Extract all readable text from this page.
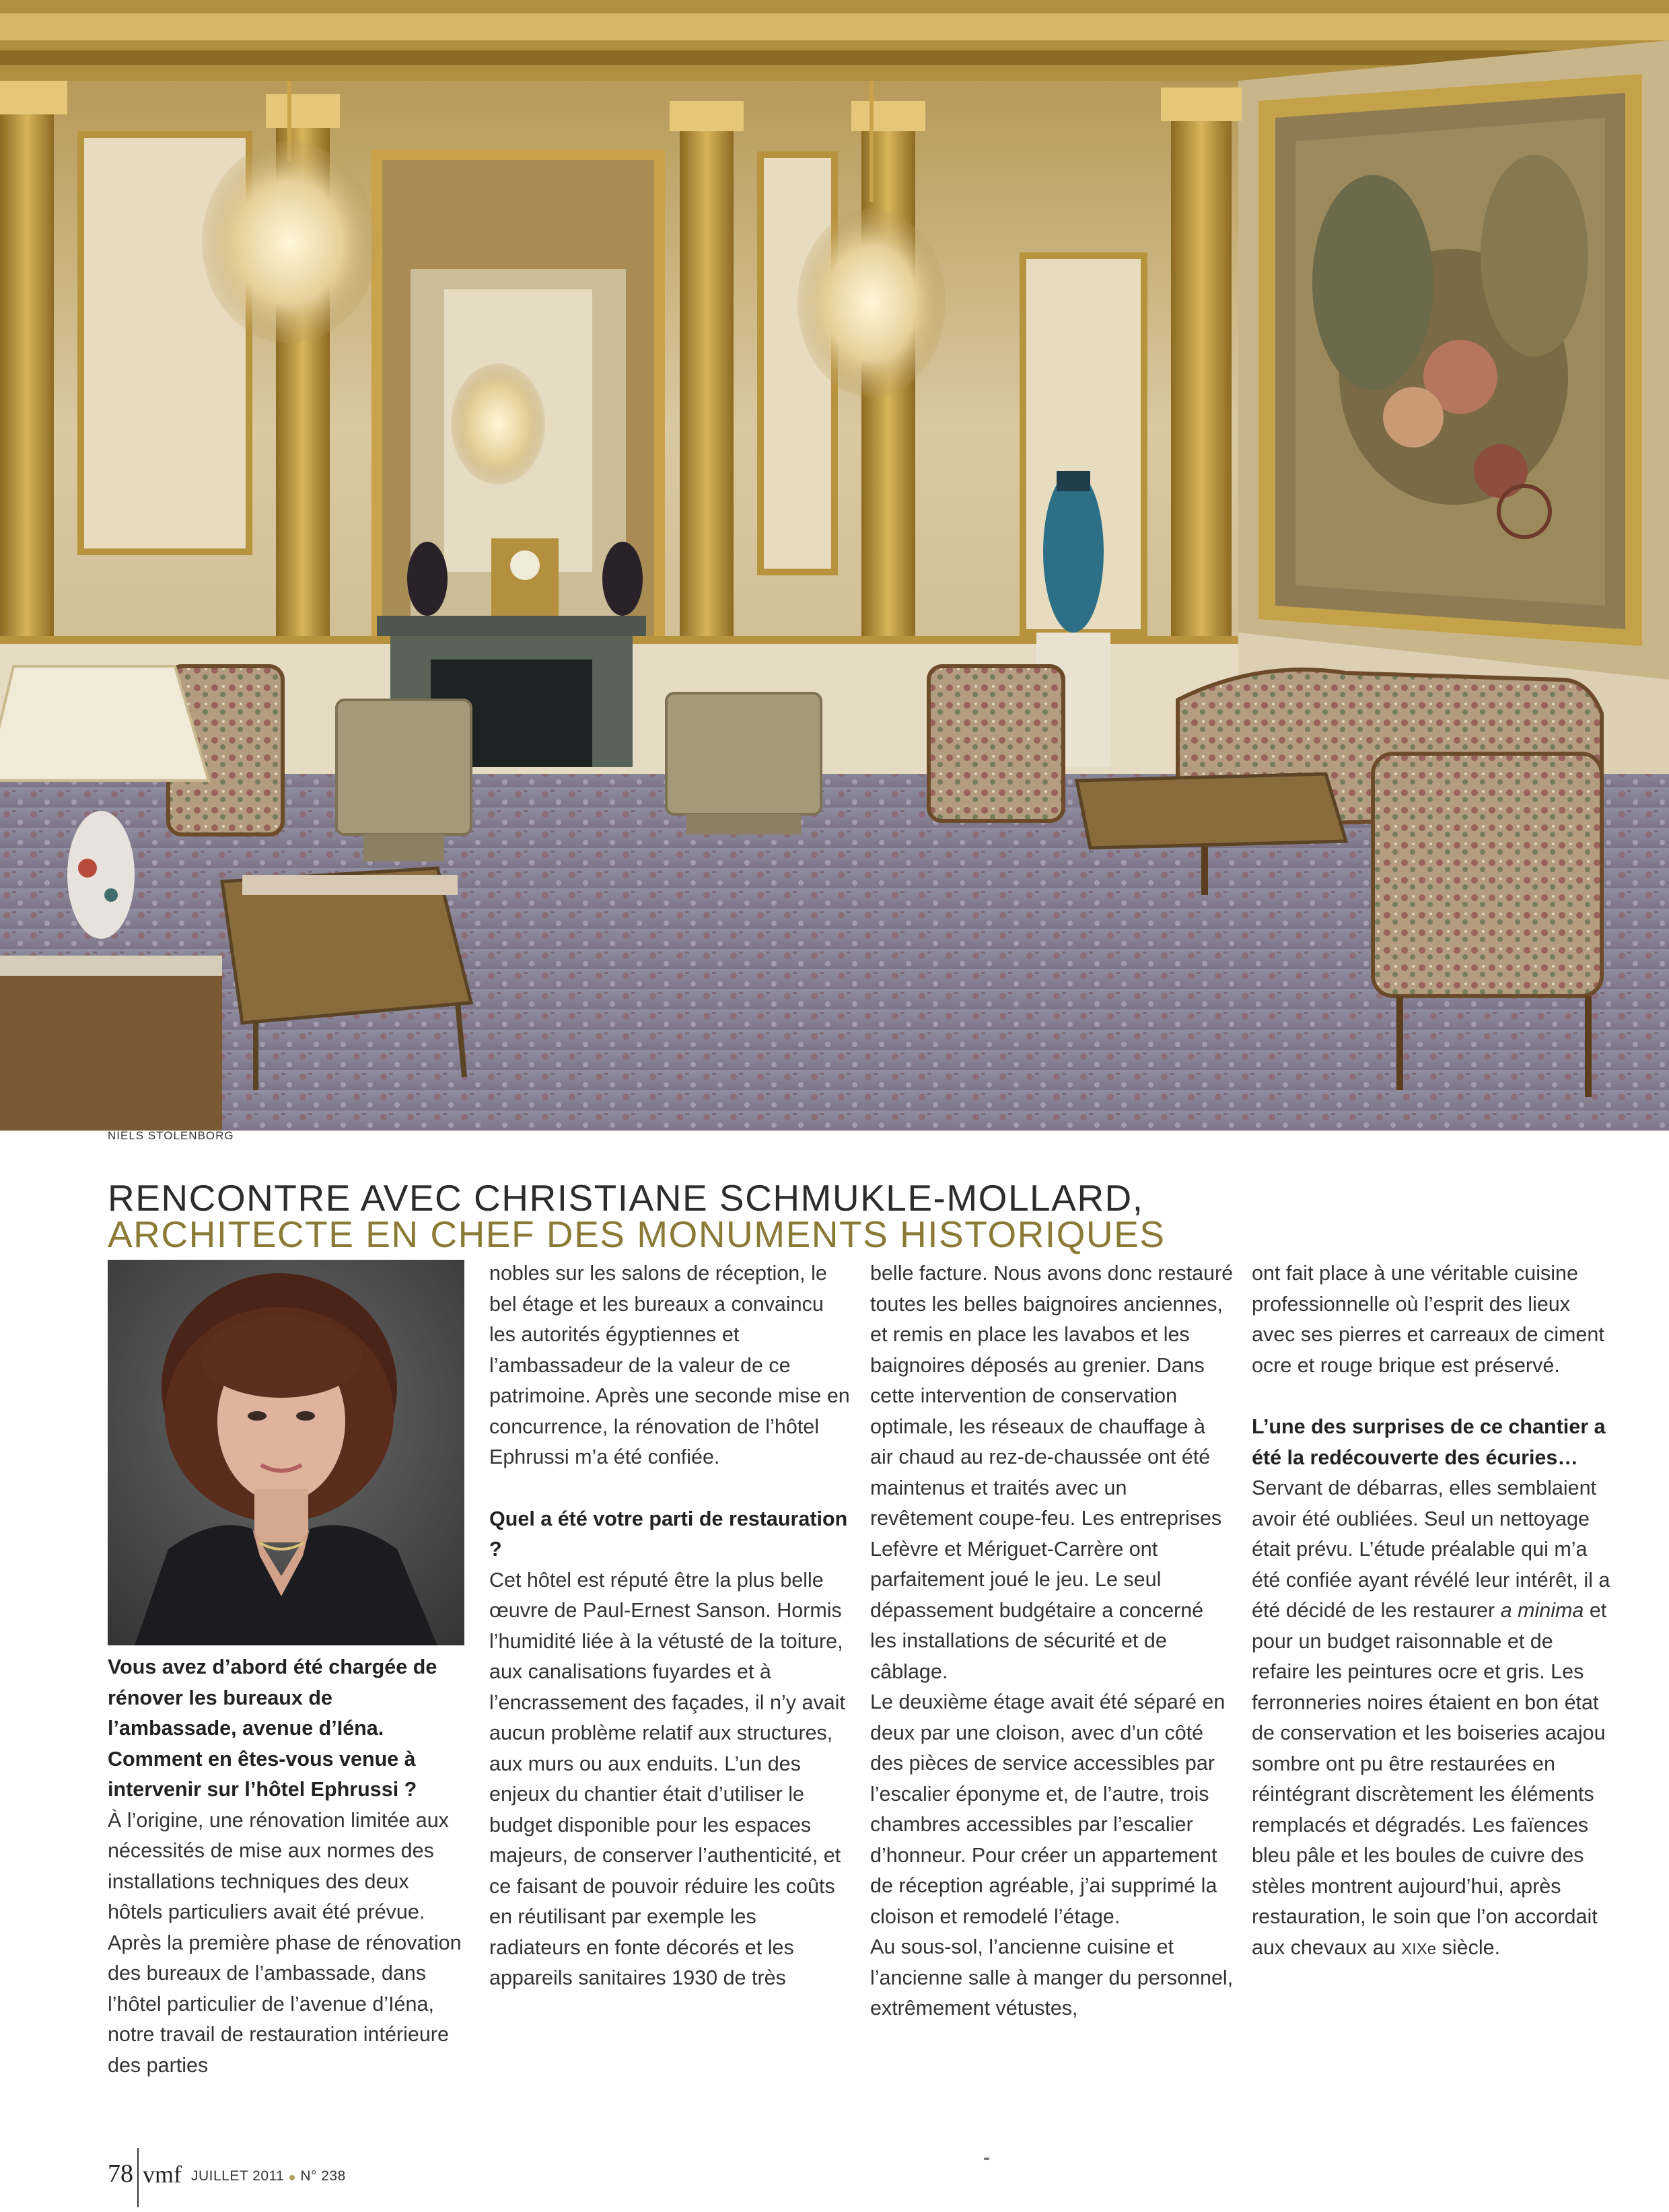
NIELS STOLENBORG
RENCONTRE AVEC CHRISTIANE SCHMUKLE-MOLLARD,
ARCHITECTE EN CHEF DES MONUMENTS HISTORIQUES

Vous avez d’abord été chargée de rénover les bureaux de l’ambassade, avenue d’Iéna. Comment en êtes-vous venue à intervenir sur l’hôtel Ephrussi ?

À l’origine, une rénovation limitée aux nécessités de mise aux normes des installations techniques des deux hôtels particuliers avait été prévue. Après la première phase de rénovation des bureaux de l’ambassade, dans l’hôtel particulier de l’avenue d’Iéna, notre travail de restauration intérieure des parties

nobles sur les salons de réception, le bel étage et les bureaux a convaincu les autorités égyptiennes et l’ambassadeur de la valeur de ce patrimoine. Après une seconde mise en concurrence, la rénovation de l’hôtel Ephrussi m’a été confiée.

Quel a été votre parti de restauration ?

Cet hôtel est réputé être la plus belle œuvre de Paul-Ernest Sanson. Hormis l’humidité liée à la vétusté de la toiture, aux canalisations fuyardes et à l’encrassement des façades, il n’y avait aucun problème relatif aux structures, aux murs ou aux enduits. L’un des enjeux du chantier était d’utiliser le budget disponible pour les espaces majeurs, de conserver l’authenticité, et ce faisant de pouvoir réduire les coûts en réutilisant par exemple les radiateurs en fonte décorés et les appareils sanitaires 1930 de très

belle facture. Nous avons donc restauré toutes les belles baignoires anciennes, et remis en place les lavabos et les baignoires déposés au grenier. Dans cette intervention de conservation optimale, les réseaux de chauffage à air chaud au rez-de-chaussée ont été maintenus et traités avec un revêtement coupe-feu. Les entreprises Lefèvre et Mériguet-Carrère ont parfaitement joué le jeu. Le seul dépassement budgétaire a concerné les installations de sécurité et de câblage.

Le deuxième étage avait été séparé en deux par une cloison, avec d’un côté des pièces de service accessibles par l’escalier éponyme et, de l’autre, trois chambres accessibles par l’escalier d’honneur. Pour créer un appartement de réception agréable, j’ai supprimé la cloison et remodelé l’étage.

Au sous-sol, l’ancienne cuisine et l’ancienne salle à manger du personnel, extrêmement vétustes,

ont fait place à une véritable cuisine professionnelle où l’esprit des lieux avec ses pierres et carreaux de ciment ocre et rouge brique est préservé.

L’une des surprises de ce chantier a été la redécouverte des écuries…

Servant de débarras, elles semblaient avoir été oubliées. Seul un nettoyage était prévu. L’étude préalable qui m’a été confiée ayant révélé leur intérêt, il a été décidé de les restaurer a minima et pour un budget raisonnable et de refaire les peintures ocre et gris. Les ferronneries noires étaient en bon état de conservation et les boiseries acajou sombre ont pu être restaurées en réintégrant discrètement les éléments remplacés et dégradés. Les faïences bleu pâle et les boules de cuivre des stèles montrent aujourd’hui, après restauration, le soin que l’on accordait aux chevaux au XIXe siècle.

78 vmf JUILLET 2011 N° 238
